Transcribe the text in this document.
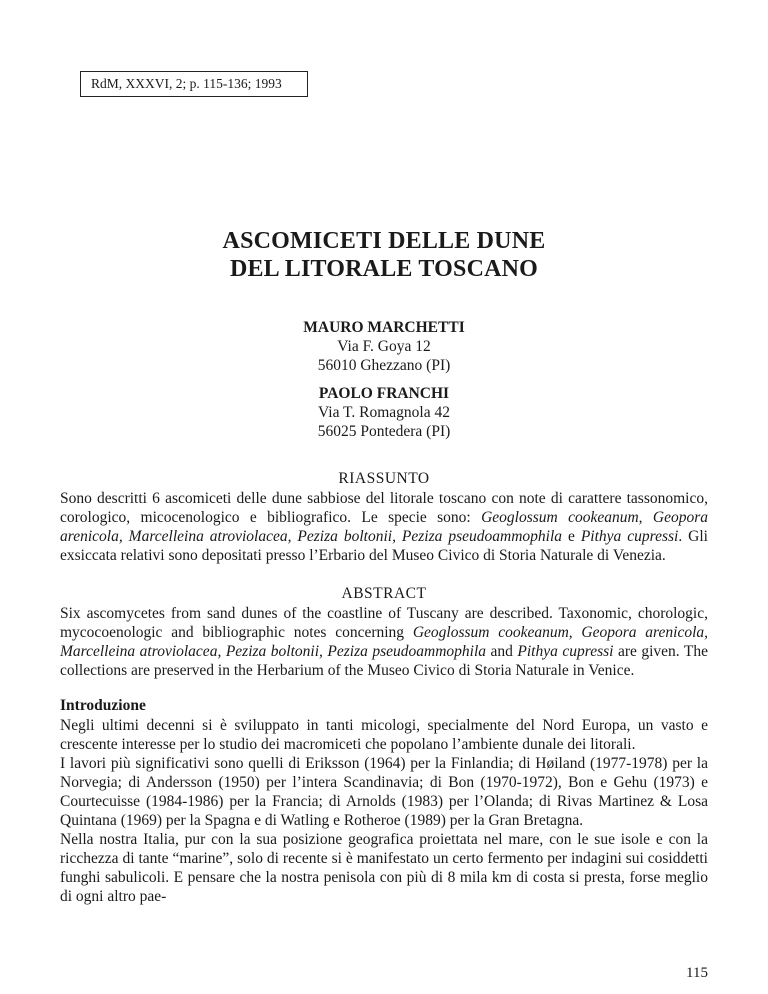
RdM, XXXVI, 2; p. 115-136; 1993
ASCOMICETI DELLE DUNE
DEL LITORALE TOSCANO
MAURO MARCHETTI
Via F. Goya 12
56010 Ghezzano (PI)
PAOLO FRANCHI
Via T. Romagnola 42
56025 Pontedera (PI)
RIASSUNTO
Sono descritti 6 ascomiceti delle dune sabbiose del litorale toscano con note di carattere tassonomico, corologico, micocenologico e bibliografico. Le specie sono: Geoglossum cookeanum, Geopora arenicola, Marcelleina atroviolacea, Peziza boltonii, Peziza pseudoammophila e Pithya cupressi. Gli exsiccata relativi sono depositati presso l’Erbario del Museo Civico di Storia Naturale di Venezia.
ABSTRACT
Six ascomycetes from sand dunes of the coastline of Tuscany are described. Taxonomic, chorologic, mycocoenologic and bibliographic notes concerning Geoglossum cookeanum, Geopora arenicola, Marcelleina atroviolacea, Peziza boltonii, Peziza pseudoammophila and Pithya cupressi are given. The collections are preserved in the Herbarium of the Museo Civico di Storia Naturale in Venice.
Introduzione
Negli ultimi decenni si è sviluppato in tanti micologi, specialmente del Nord Europa, un vasto e crescente interesse per lo studio dei macromiceti che popolano l’ambiente dunale dei litorali.
I lavori più significativi sono quelli di Eriksson (1964) per la Finlandia; di Høiland (1977-1978) per la Norvegia; di Andersson (1950) per l’intera Scandinavia; di Bon (1970-1972), Bon e Gehu (1973) e Courtecuisse (1984-1986) per la Francia; di Arnolds (1983) per l’Olanda; di Rivas Martinez & Losa Quintana (1969) per la Spagna e di Watling e Rotheroe (1989) per la Gran Bretagna.
Nella nostra Italia, pur con la sua posizione geografica proiettata nel mare, con le sue isole e con la ricchezza di tante “marine”, solo di recente si è manifestato un certo fermento per indagini sui cosiddetti funghi sabulicoli. E pensare che la nostra penisola con più di 8 mila km di costa si presta, forse meglio di ogni altro pae-
115
